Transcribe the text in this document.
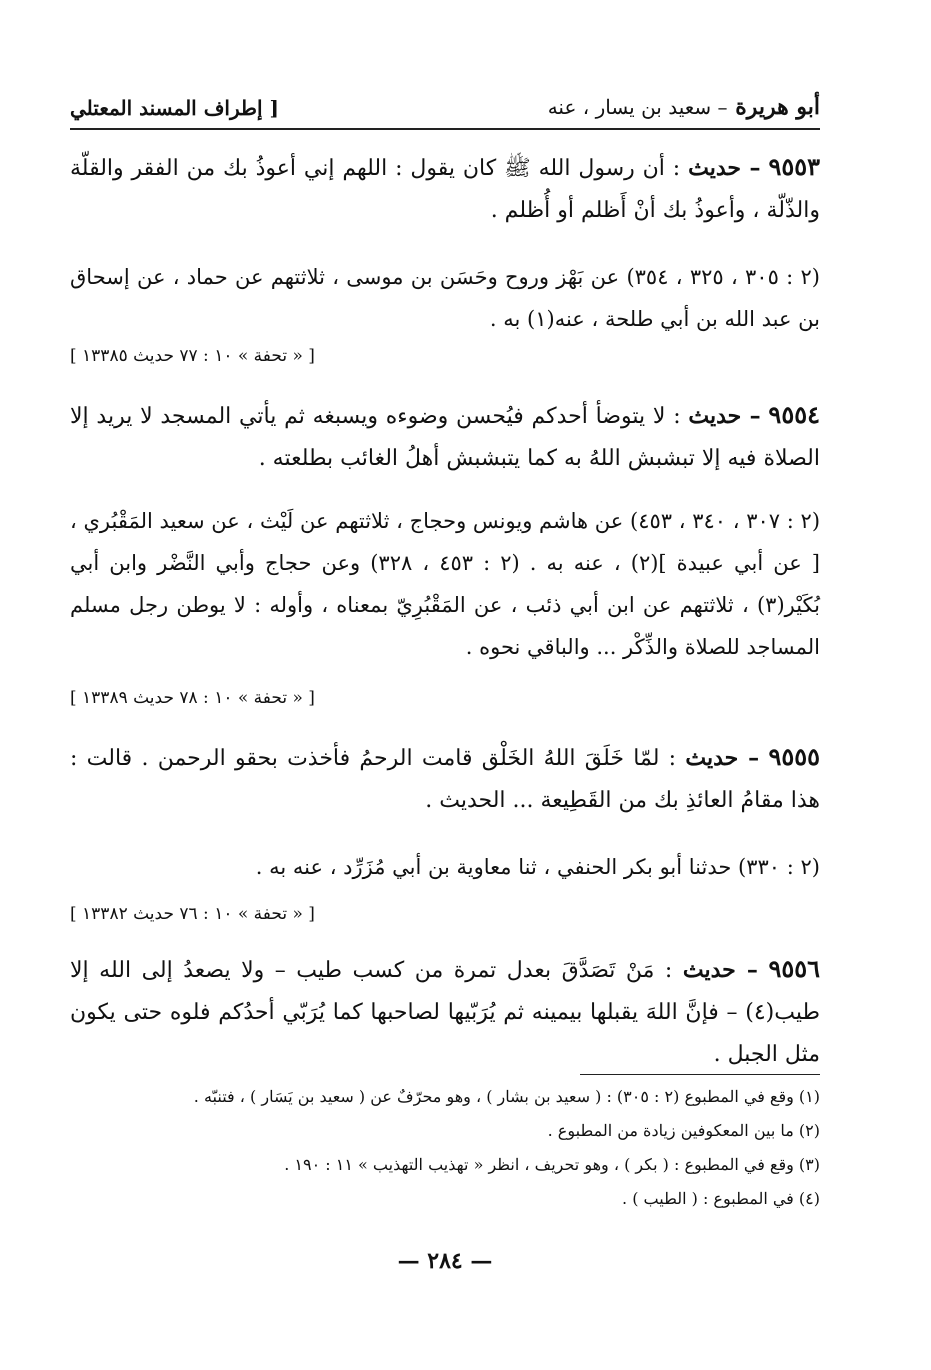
أبو هريرة – سعيد بن يسار ، عنه
[ إطراف المسند المعتلي
٩٥٥٣ – حديث : أن رسول الله ﷺ كان يقول : اللهم إني أعوذُ بك من الفقر والقلّة والذّلّة ، وأعوذُ بك أنْ أَظلم أو أُظلم .
(٢ : ٣٠٥ ، ٣٢٥ ، ٣٥٤) عن بَهْز وروح وحَسَن بن موسى ، ثلاثتهم عن حماد ، عن إسحاق بن عبد الله بن أبي طلحة ، عنه(١) به .
[ « تحفة » ١٠ : ٧٧ حديث ١٣٣٨٥ ]
٩٥٥٤ – حديث : لا يتوضأ أحدكم فيُحسن وضوءه ويسبغه ثم يأتي المسجد لا يريد إلا الصلاة فيه إلا تبشبش اللهُ به كما يتبشبش أهلُ الغائب بطلعته .
(٢ : ٣٠٧ ، ٣٤٠ ، ٤٥٣) عن هاشم ويونس وحجاج ، ثلاثتهم عن لَيْث ، عن سعيد المَقْبُري ، [ عن أبي عبيدة ](٢) ، عنه به . (٢ : ٤٥٣ ، ٣٢٨) وعن حجاج وأبي النَّضْر وابن أبي بُكَيْر(٣) ، ثلاثتهم عن ابن أبي ذئب ، عن المَقْبُرِيّ بمعناه ، وأوله : لا يوطن رجل مسلم المساجد للصلاة والذِّكْر ... والباقي نحوه .
[ « تحفة » ١٠ : ٧٨ حديث ١٣٣٨٩ ]
٩٥٥٥ – حديث : لمّا خَلَقَ اللهُ الخَلْق قامت الرحمُ فأخذت بحقو الرحمن . قالت : هذا مقامُ العائذِ بك من القَطِيعة ... الحديث .
(٢ : ٣٣٠) حدثنا أبو بكر الحنفي ، ثنا معاوية بن أبي مُزَرِّد ، عنه به .
[ « تحفة » ١٠ : ٧٦ حديث ١٣٣٨٢ ]
٩٥٥٦ – حديث : مَنْ تَصَدَّقَ بعدل تمرة من كسب طيب – ولا يصعدُ إلى الله إلا طيب(٤) – فإنَّ اللهَ يقبلها بيمينه ثم يُرَبّيها لصاحبها كما يُرَبّي أحدُكم فلوه حتى يكون مثل الجبل .
(١) وقع في المطبوع (٢ : ٣٠٥) : ( سعيد بن بشار ) ، وهو محرّفٌ عن ( سعيد بن يَسَار ) ، فتنبّه .
(٢) ما بين المعكوفين زيادة من المطبوع .
(٣) وقع في المطبوع : ( بكر ) ، وهو تحريف ، انظر « تهذيب التهذيب » ١١ : ١٩٠ .
(٤) في المطبوع : ( الطيب ) .
— ٢٨٤ —
